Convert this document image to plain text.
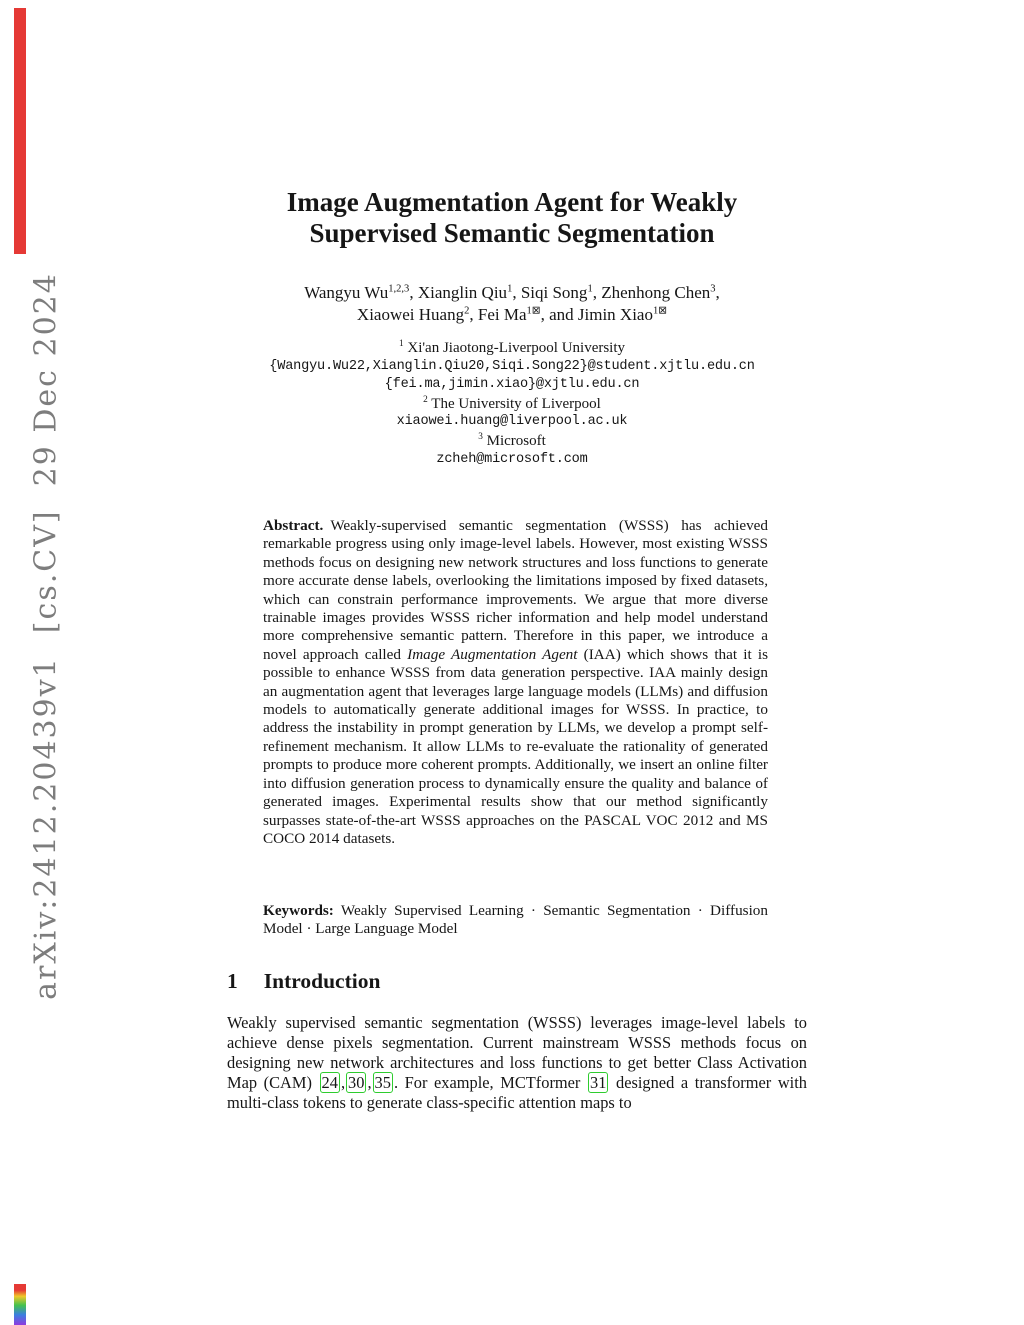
arXiv:2412.20439v1  [cs.CV]  29 Dec 2024
Image Augmentation Agent for Weakly
Supervised Semantic Segmentation
Wangyu Wu$^{1,2,3}$, Xianglin Qiu$^1$, Siqi Song$^1$, Zhenhong Chen$^3$,
Xiaowei Huang$^2$, Fei $Ma^{1⊠}$, and Jimin Xiao$^{1⊠}$
$^1$ Xi'an Jiaotong-Liverpool University
{Wangyu.Wu22,Xianglin.Qiu20,Siqi.Song22}@student.xjtlu.edu.cn
{fei.ma,jimin.xiao}@xjtlu.edu.cn
$^2$ The University of Liverpool
xiaowei.huang@liverpool.ac.uk
$^3$ Microsoft
zcheh@microsoft.com
Abstract. Weakly-supervised semantic segmentation (WSSS) has achieved remarkable progress using only image-level labels. However, most existing WSSS methods focus on designing new network structures and loss functions to generate more accurate dense labels, overlooking the limitations imposed by fixed datasets, which can constrain performance improvements. We argue that more diverse trainable images provides WSSS richer information and help model understand more comprehensive semantic pattern. Therefore in this paper, we introduce a novel approach called Image Augmentation Agent (IAA) which shows that it is possible to enhance WSSS from data generation perspective. IAA mainly design an augmentation agent that leverages large language models (LLMs) and diffusion models to automatically generate additional images for WSSS. In practice, to address the instability in prompt generation by LLMs, we develop a prompt self-refinement mechanism. It allow LLMs to re-evaluate the rationality of generated prompts to produce more coherent prompts. Additionally, we insert an online filter into diffusion generation process to dynamically ensure the quality and balance of generated images. Experimental results show that our method significantly surpasses state-of-the-art WSSS approaches on the PASCAL VOC 2012 and MS COCO 2014 datasets.
Keywords: Weakly Supervised Learning · Semantic Segmentation · Diffusion Model · Large Language Model
1 Introduction
Weakly supervised semantic segmentation (WSSS) leverages image-level labels to achieve dense pixels segmentation. Current mainstream WSSS methods focus on designing new network architectures and loss functions to get better Class Activation Map (CAM) 24 , 30 , 35 . For example, MCTformer 31 designed a transformer with multi-class tokens to generate class-specific attention maps to
